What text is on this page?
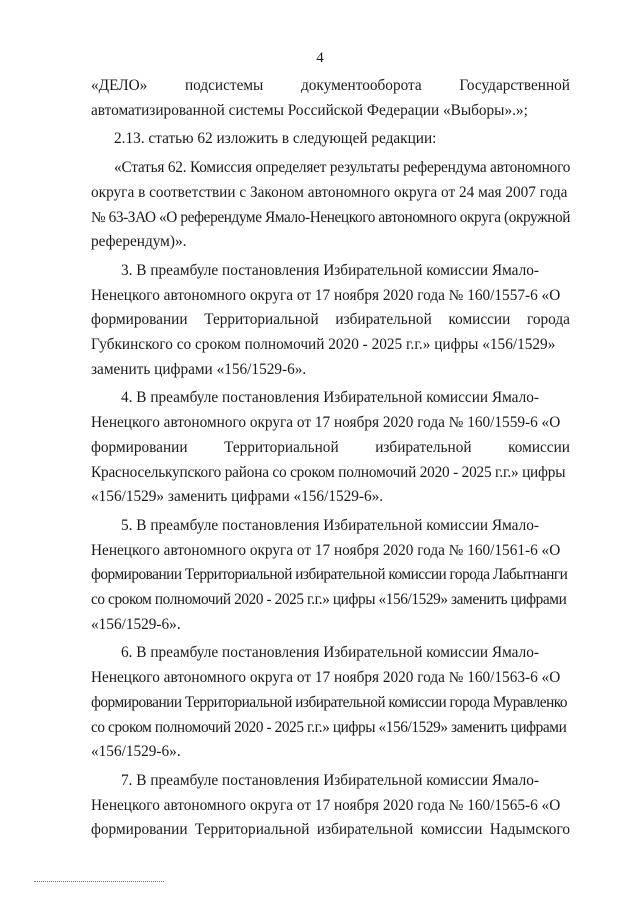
4
«ДЕЛО» подсистемы документооборота Государственной
автоматизированной системы Российской Федерации «Выборы».»;
2.13. статью 62 изложить в следующей редакции:
«Статья 62. Комиссия определяет результаты референдума автономного
округа в соответствии с Законом автономного округа от 24 мая 2007 года
№ 63-ЗАО «О референдуме Ямало-Ненецкого автономного округа (окружной
референдум)».
3. В преамбуле постановления Избирательной комиссии Ямало-
Ненецкого автономного округа от 17 ноября 2020 года № 160/1557-6 «О
формировании Территориальной избирательной комиссии города
Губкинского со сроком полномочий 2020 - 2025 г.г.» цифры «156/1529»
заменить цифрами «156/1529-6».
4. В преамбуле постановления Избирательной комиссии Ямало-
Ненецкого автономного округа от 17 ноября 2020 года № 160/1559-6 «О
формировании Территориальной избирательной комиссии
Красноселькупского района со сроком полномочий 2020 - 2025 г.г.» цифры
«156/1529» заменить цифрами «156/1529-6».
5. В преамбуле постановления Избирательной комиссии Ямало-
Ненецкого автономного округа от 17 ноября 2020 года № 160/1561-6 «О
формировании Территориальной избирательной комиссии города Лабытнанги
со сроком полномочий 2020 - 2025 г.г.» цифры «156/1529» заменить цифрами
«156/1529-6».
6. В преамбуле постановления Избирательной комиссии Ямало-
Ненецкого автономного округа от 17 ноября 2020 года № 160/1563-6 «О
формировании Территориальной избирательной комиссии города Муравленко
со сроком полномочий 2020 - 2025 г.г.» цифры «156/1529» заменить цифрами
«156/1529-6».
7. В преамбуле постановления Избирательной комиссии Ямало-
Ненецкого автономного округа от 17 ноября 2020 года № 160/1565-6 «О
формировании Территориальной избирательной комиссии Надымского
